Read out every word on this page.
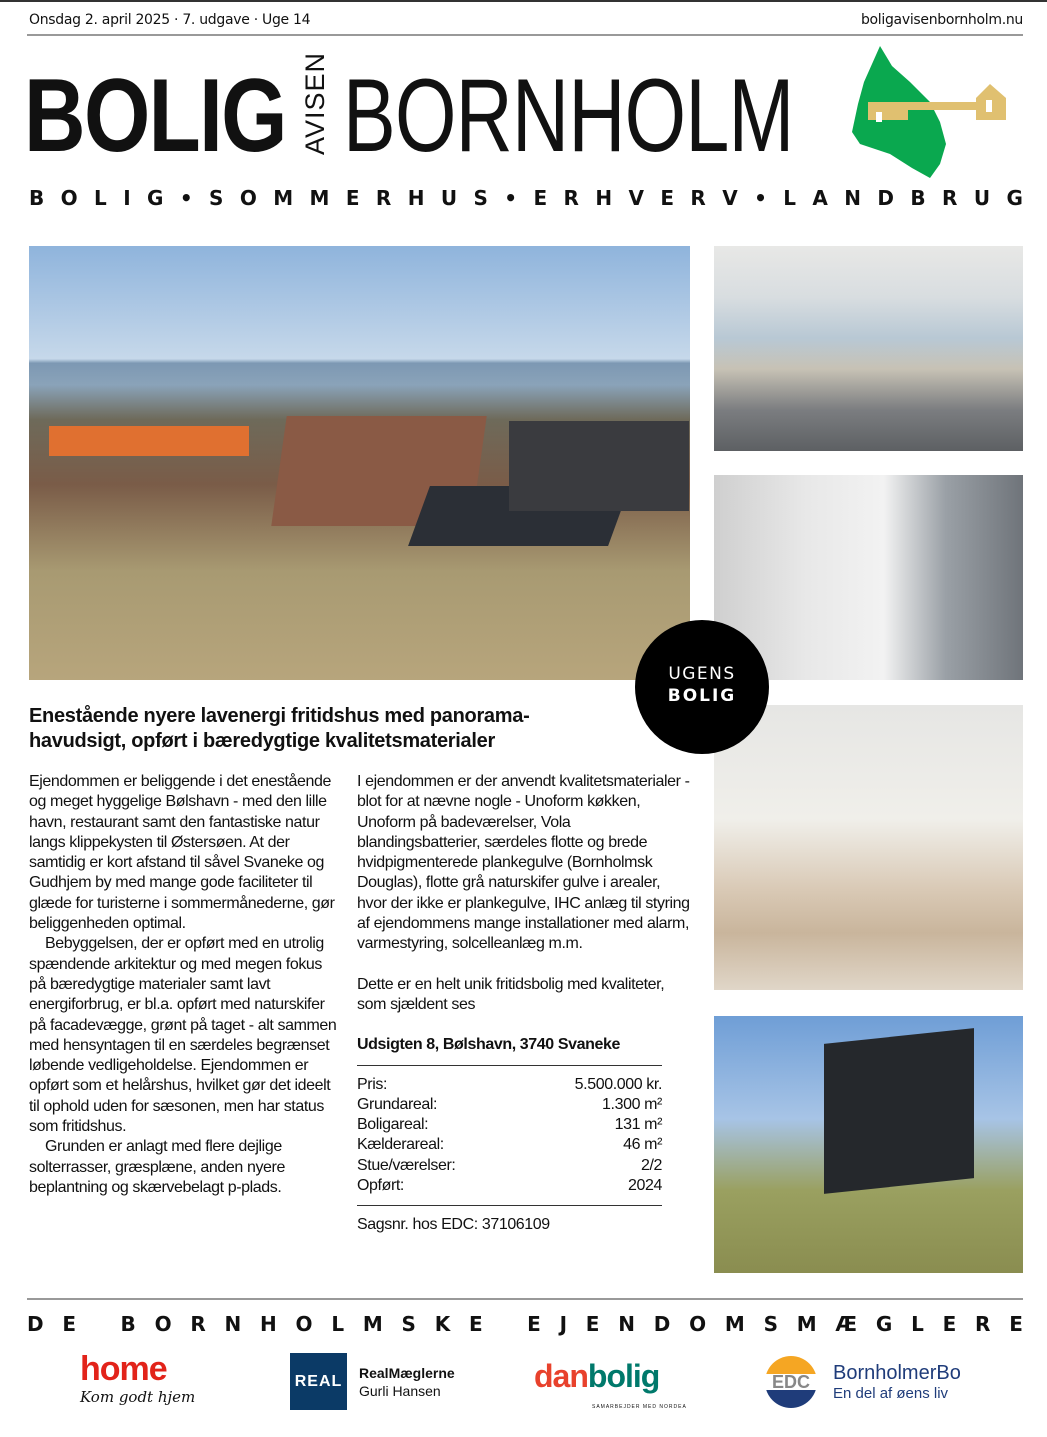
Onsdag 2. april 2025 · 7. udgave · Uge 14	boligavisenbornholm.nu
BOLIG AVISEN BORNHOLM
B O L I G • S O M M E R H U S • E R H V E R V • L A N D B R U G
UGENS
BOLIG
Enestående nyere lavenergi fritidshus med panorama-
havudsigt, opført i bæredygtige kvalitetsmaterialer

Ejendommen er beliggende i det enestående og meget hyggelige Bølshavn - med den lille havn, restaurant samt den fantastiske natur langs klippekysten til Østersøen. At der samtidig er kort afstand til såvel Svaneke og Gudhjem by med mange gode faciliteter til glæde for turisterne i sommermånederne, gør beliggenheden optimal.

Bebyggelsen, der er opført med en utrolig spændende arkitektur og med megen fokus på bæredygtige materialer samt lavt energiforbrug, er bl.a. opført med naturskifer på facadevægge, grønt på taget - alt sammen med hensyntagen til en særdeles begrænset løbende vedligeholdelse. Ejendommen er opført som et helårshus, hvilket gør det ideelt til ophold uden for sæsonen, men har status som fritidshus.

Grunden er anlagt med flere dejlige solterrasser, græsplæne, anden nyere beplantning og skærvebelagt p-plads.

I ejendommen er der anvendt kvalitetsmaterialer - blot for at nævne nogle - Unoform køkken, Unoform på badeværelser, Vola blandingsbatterier, særdeles flotte og brede hvidpigmenterede plankegulve (Bornholmsk Douglas), flotte grå naturskifer gulve i arealer, hvor der ikke er plankegulve, IHC anlæg til styring af ejendommens mange installationer med alarm, varmestyring, solcelleanlæg m.m.

Dette er en helt unik fritidsbolig med kvaliteter, som sjældent ses

Udsigten 8, Bølshavn, 3740 Svaneke
Pris:	5.500.000 kr.
Grundareal:	1.300 m²
Boligareal:	131 m²
Kælderareal:	46 m²
Stue/værelser:	2/2
Opført:	2024
Sagsnr. hos EDC: 37106109
D E
B O R N H O L M S K E
E J E N D O M S M Æ G L E R E
home
Kom godt hjem
REAL	RealMæglerne
Gurli Hansen	danbolig
SAMARBEJDER MED NORDEA
EDC	BornholmerBo
En del af øens liv
